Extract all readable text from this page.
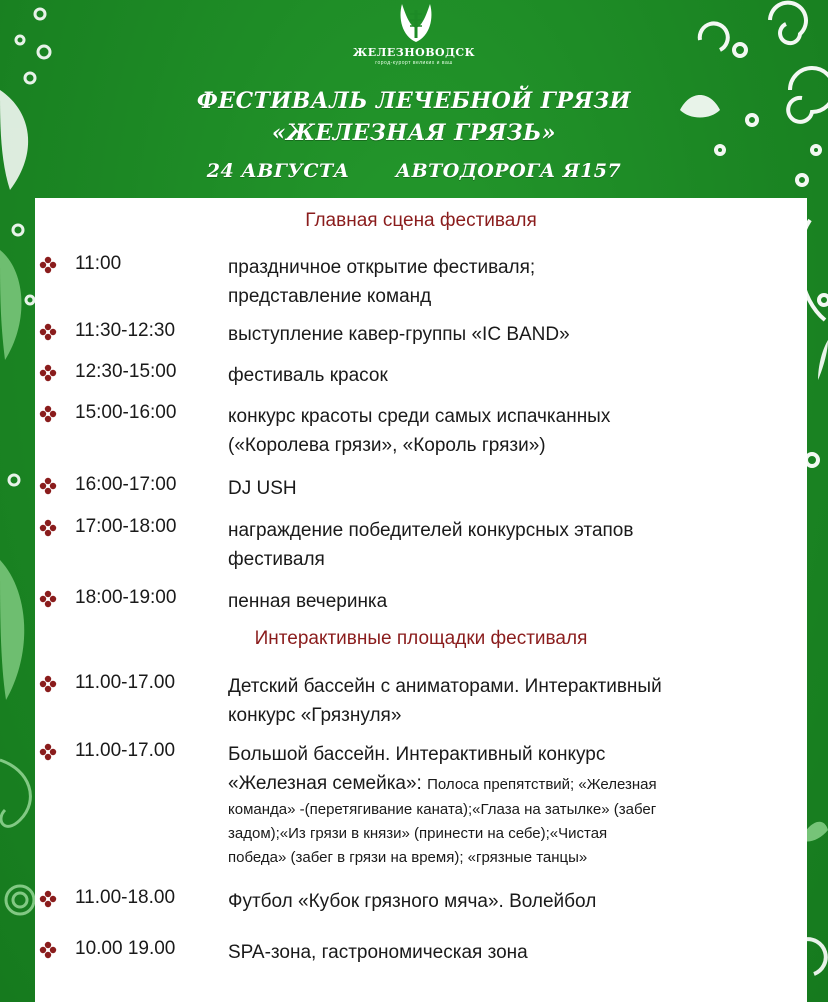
ЖЕЛЕЗНОВОДСК
город-курорт великих и ваш
ФЕСТИВАЛЬ ЛЕЧЕБНОЙ ГРЯЗИ
«ЖЕЛЕЗНАЯ ГРЯЗЬ»
24 АВГУСТА АВТОДОРОГА Я157
Главная сцена фестиваля
11:00	праздничное открытие фестиваля;
представление команд
11:30-12:30	выступление кавер-группы «IC BAND»
12:30-15:00	фестиваль красок
15:00-16:00	конкурс красоты среди самых испачканных
(«Королева грязи», «Король грязи»)
16:00-17:00	DJ USH
17:00-18:00	награждение победителей конкурсных этапов
фестиваля
18:00-19:00	пенная вечеринка
Интерактивные площадки фестиваля
11.00-17.00	Детский бассейн с аниматорами. Интерактивный
конкурс «Грязнуля»
11.00-17.00	Большой бассейн. Интерактивный конкурс
«Железная семейка»: Полоса препятствий; «Железная
команда» -(перетягивание каната);«Глаза на затылке» (забег
задом);«Из грязи в князи» (принести на себе);«Чистая
победа» (забег в грязи на время); «грязные танцы»
11.00-18.00	Футбол «Кубок грязного мяча». Волейбол
10.00 19.00	SPA-зона, гастрономическая зона
